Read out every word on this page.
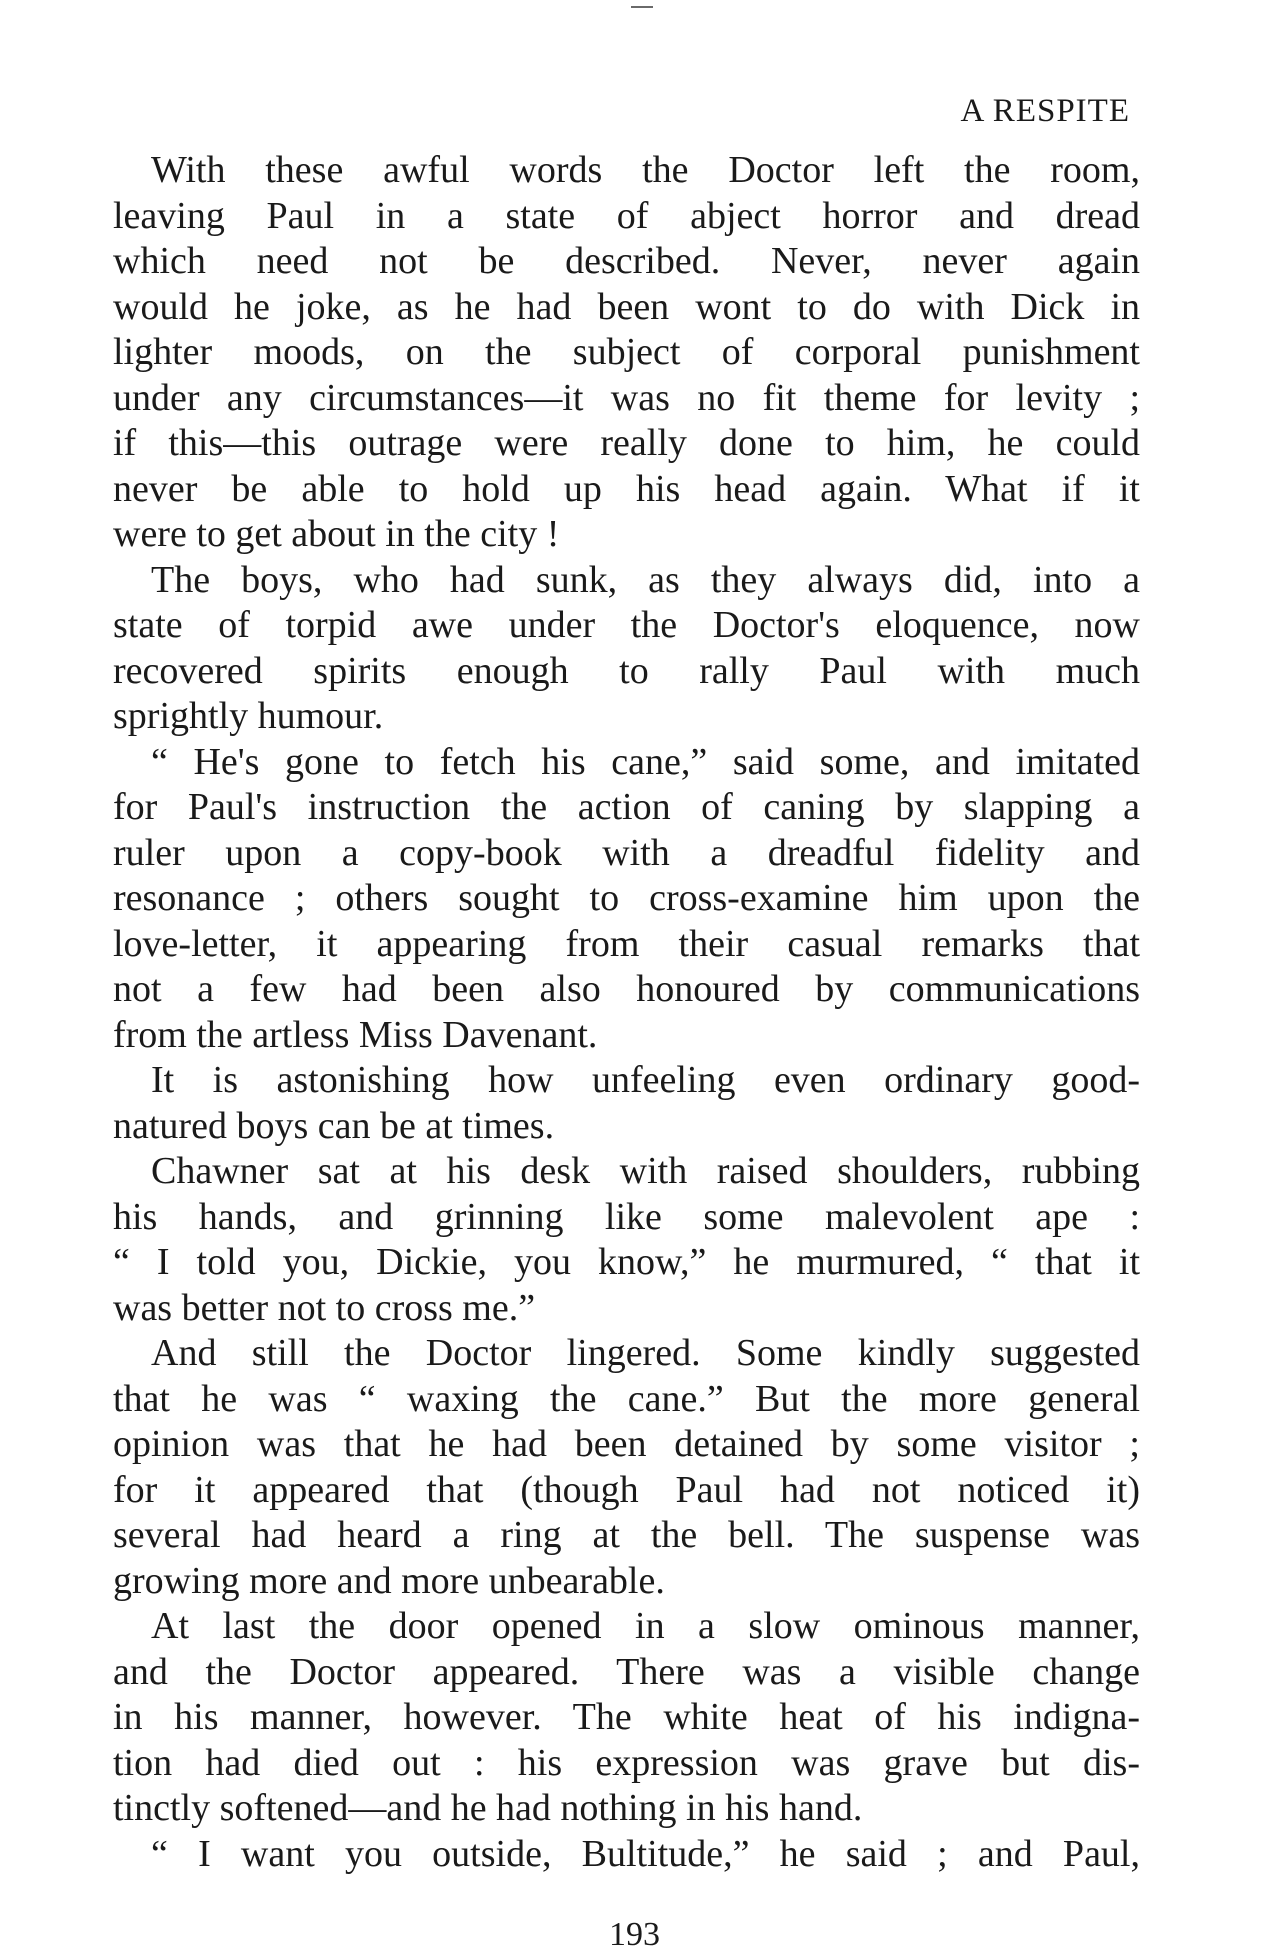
A RESPITE
With these awful words the Doctor left the room,
leaving Paul in a state of abject horror and dread
which need not be described. Never, never again
would he joke, as he had been wont to do with Dick in
lighter moods, on the subject of corporal punishment
under any circumstances—it was no fit theme for levity ;
if this—this outrage were really done to him, he could
never be able to hold up his head again. What if it
were to get about in the city !
The boys, who had sunk, as they always did, into a
state of torpid awe under the Doctor's eloquence, now
recovered spirits enough to rally Paul with much
sprightly humour.
“ He's gone to fetch his cane,” said some, and imitated
for Paul's instruction the action of caning by slapping a
ruler upon a copy-book with a dreadful fidelity and
resonance ; others sought to cross-examine him upon the
love-letter, it appearing from their casual remarks that
not a few had been also honoured by communications
from the artless Miss Davenant.
It is astonishing how unfeeling even ordinary good-
natured boys can be at times.
Chawner sat at his desk with raised shoulders, rubbing
his hands, and grinning like some malevolent ape :
“ I told you, Dickie, you know,” he murmured, “ that it
was better not to cross me.”
And still the Doctor lingered. Some kindly suggested
that he was “ waxing the cane.” But the more general
opinion was that he had been detained by some visitor ;
for it appeared that (though Paul had not noticed it)
several had heard a ring at the bell. The suspense was
growing more and more unbearable.
At last the door opened in a slow ominous manner,
and the Doctor appeared. There was a visible change
in his manner, however. The white heat of his indigna-
tion had died out : his expression was grave but dis-
tinctly softened—and he had nothing in his hand.
“ I want you outside, Bultitude,” he said ; and Paul,
193
